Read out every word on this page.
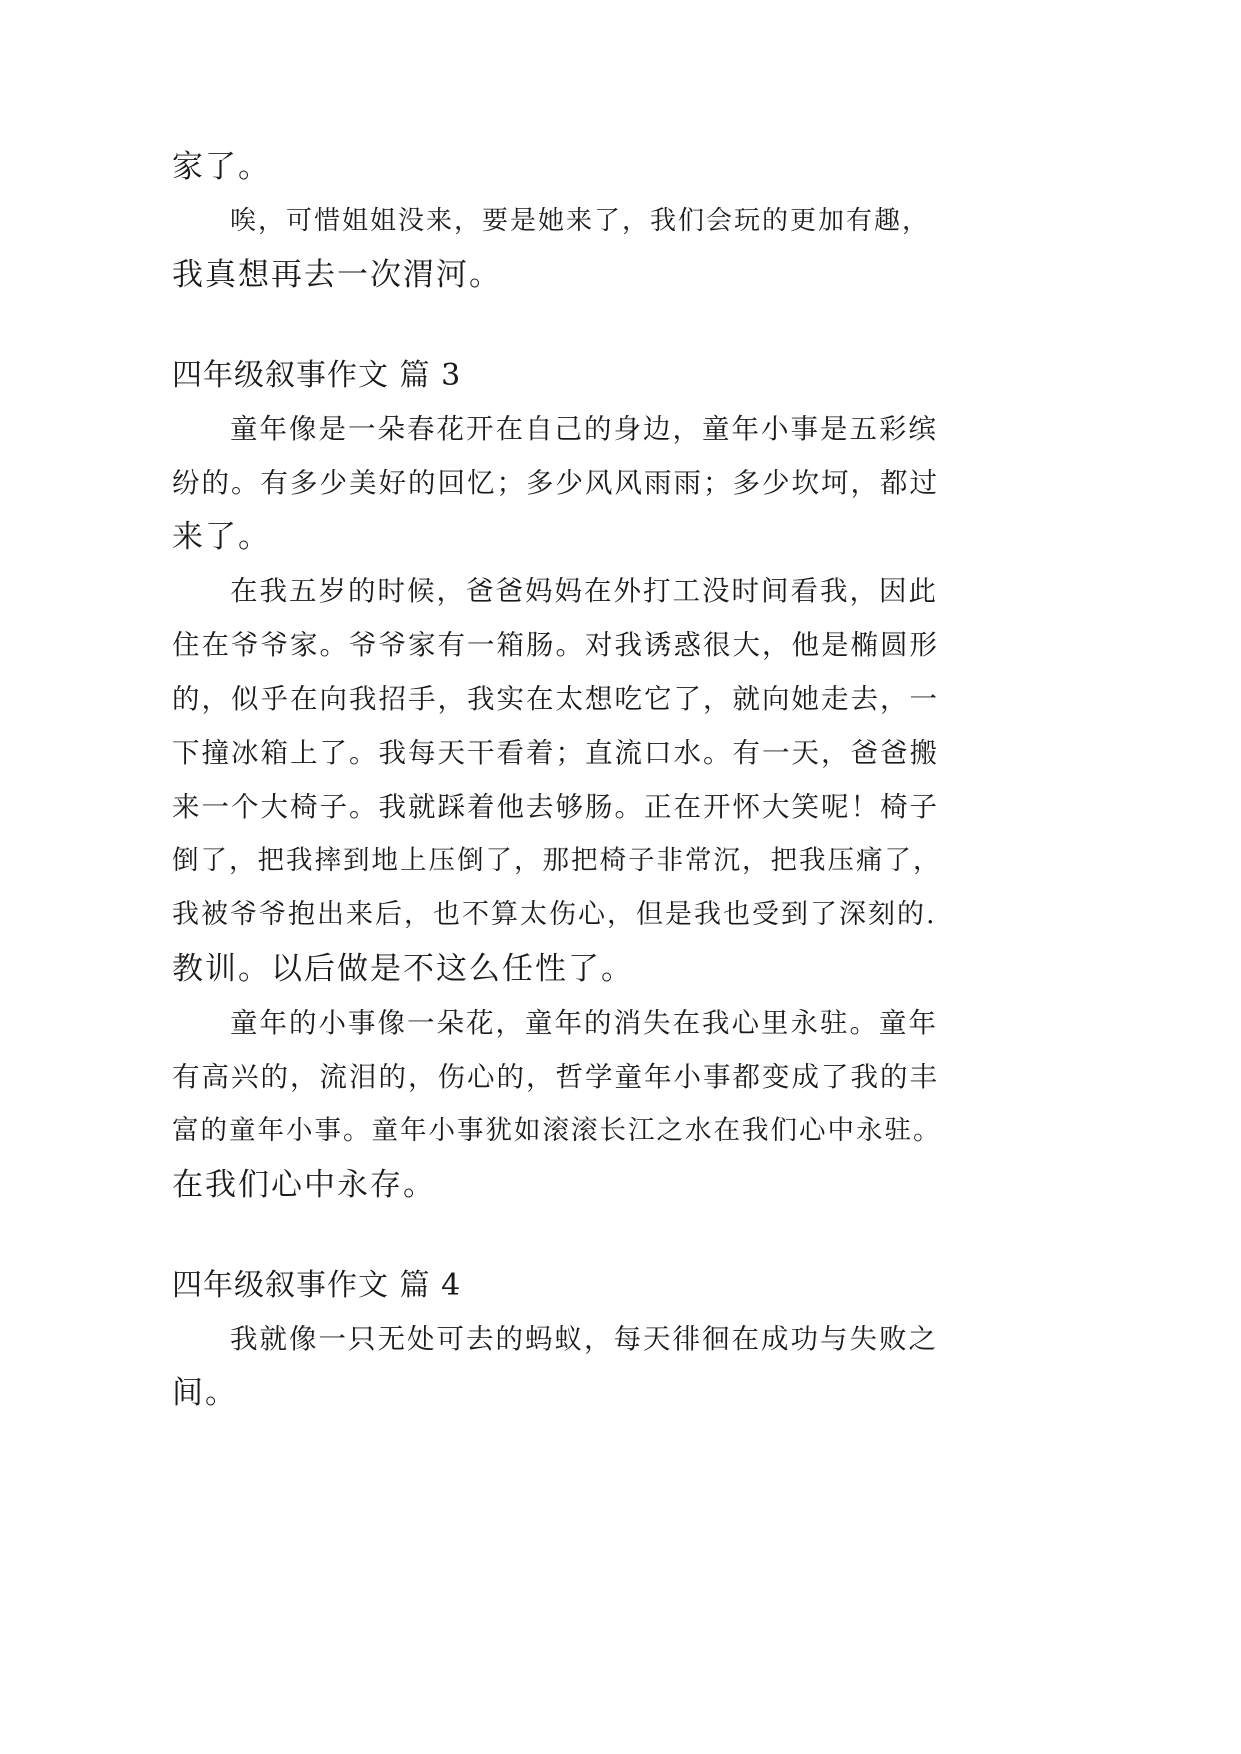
家了。
唉，可惜姐姐没来，要是她来了，我们会玩的更加有趣，
我真想再去一次渭河。
四年级叙事作文 篇 3
童年像是一朵春花开在自己的身边，童年小事是五彩缤
纷的。有多少美好的回忆；多少风风雨雨；多少坎坷，都过
来了。
在我五岁的时候，爸爸妈妈在外打工没时间看我，因此
住在爷爷家。爷爷家有一箱肠。对我诱惑很大，他是椭圆形
的，似乎在向我招手，我实在太想吃它了，就向她走去，一
下撞冰箱上了。我每天干看着；直流口水。有一天，爸爸搬
来一个大椅子。我就踩着他去够肠。正在开怀大笑呢！椅子
倒了，把我摔到地上压倒了，那把椅子非常沉，把我压痛了，
我被爷爷抱出来后，也不算太伤心，但是我也受到了深刻的.
教训。以后做是不这么任性了。
童年的小事像一朵花，童年的消失在我心里永驻。童年
有高兴的，流泪的，伤心的，哲学童年小事都变成了我的丰
富的童年小事。童年小事犹如滚滚长江之水在我们心中永驻。
在我们心中永存。
四年级叙事作文 篇 4
我就像一只无处可去的蚂蚁，每天徘徊在成功与失败之
间。
